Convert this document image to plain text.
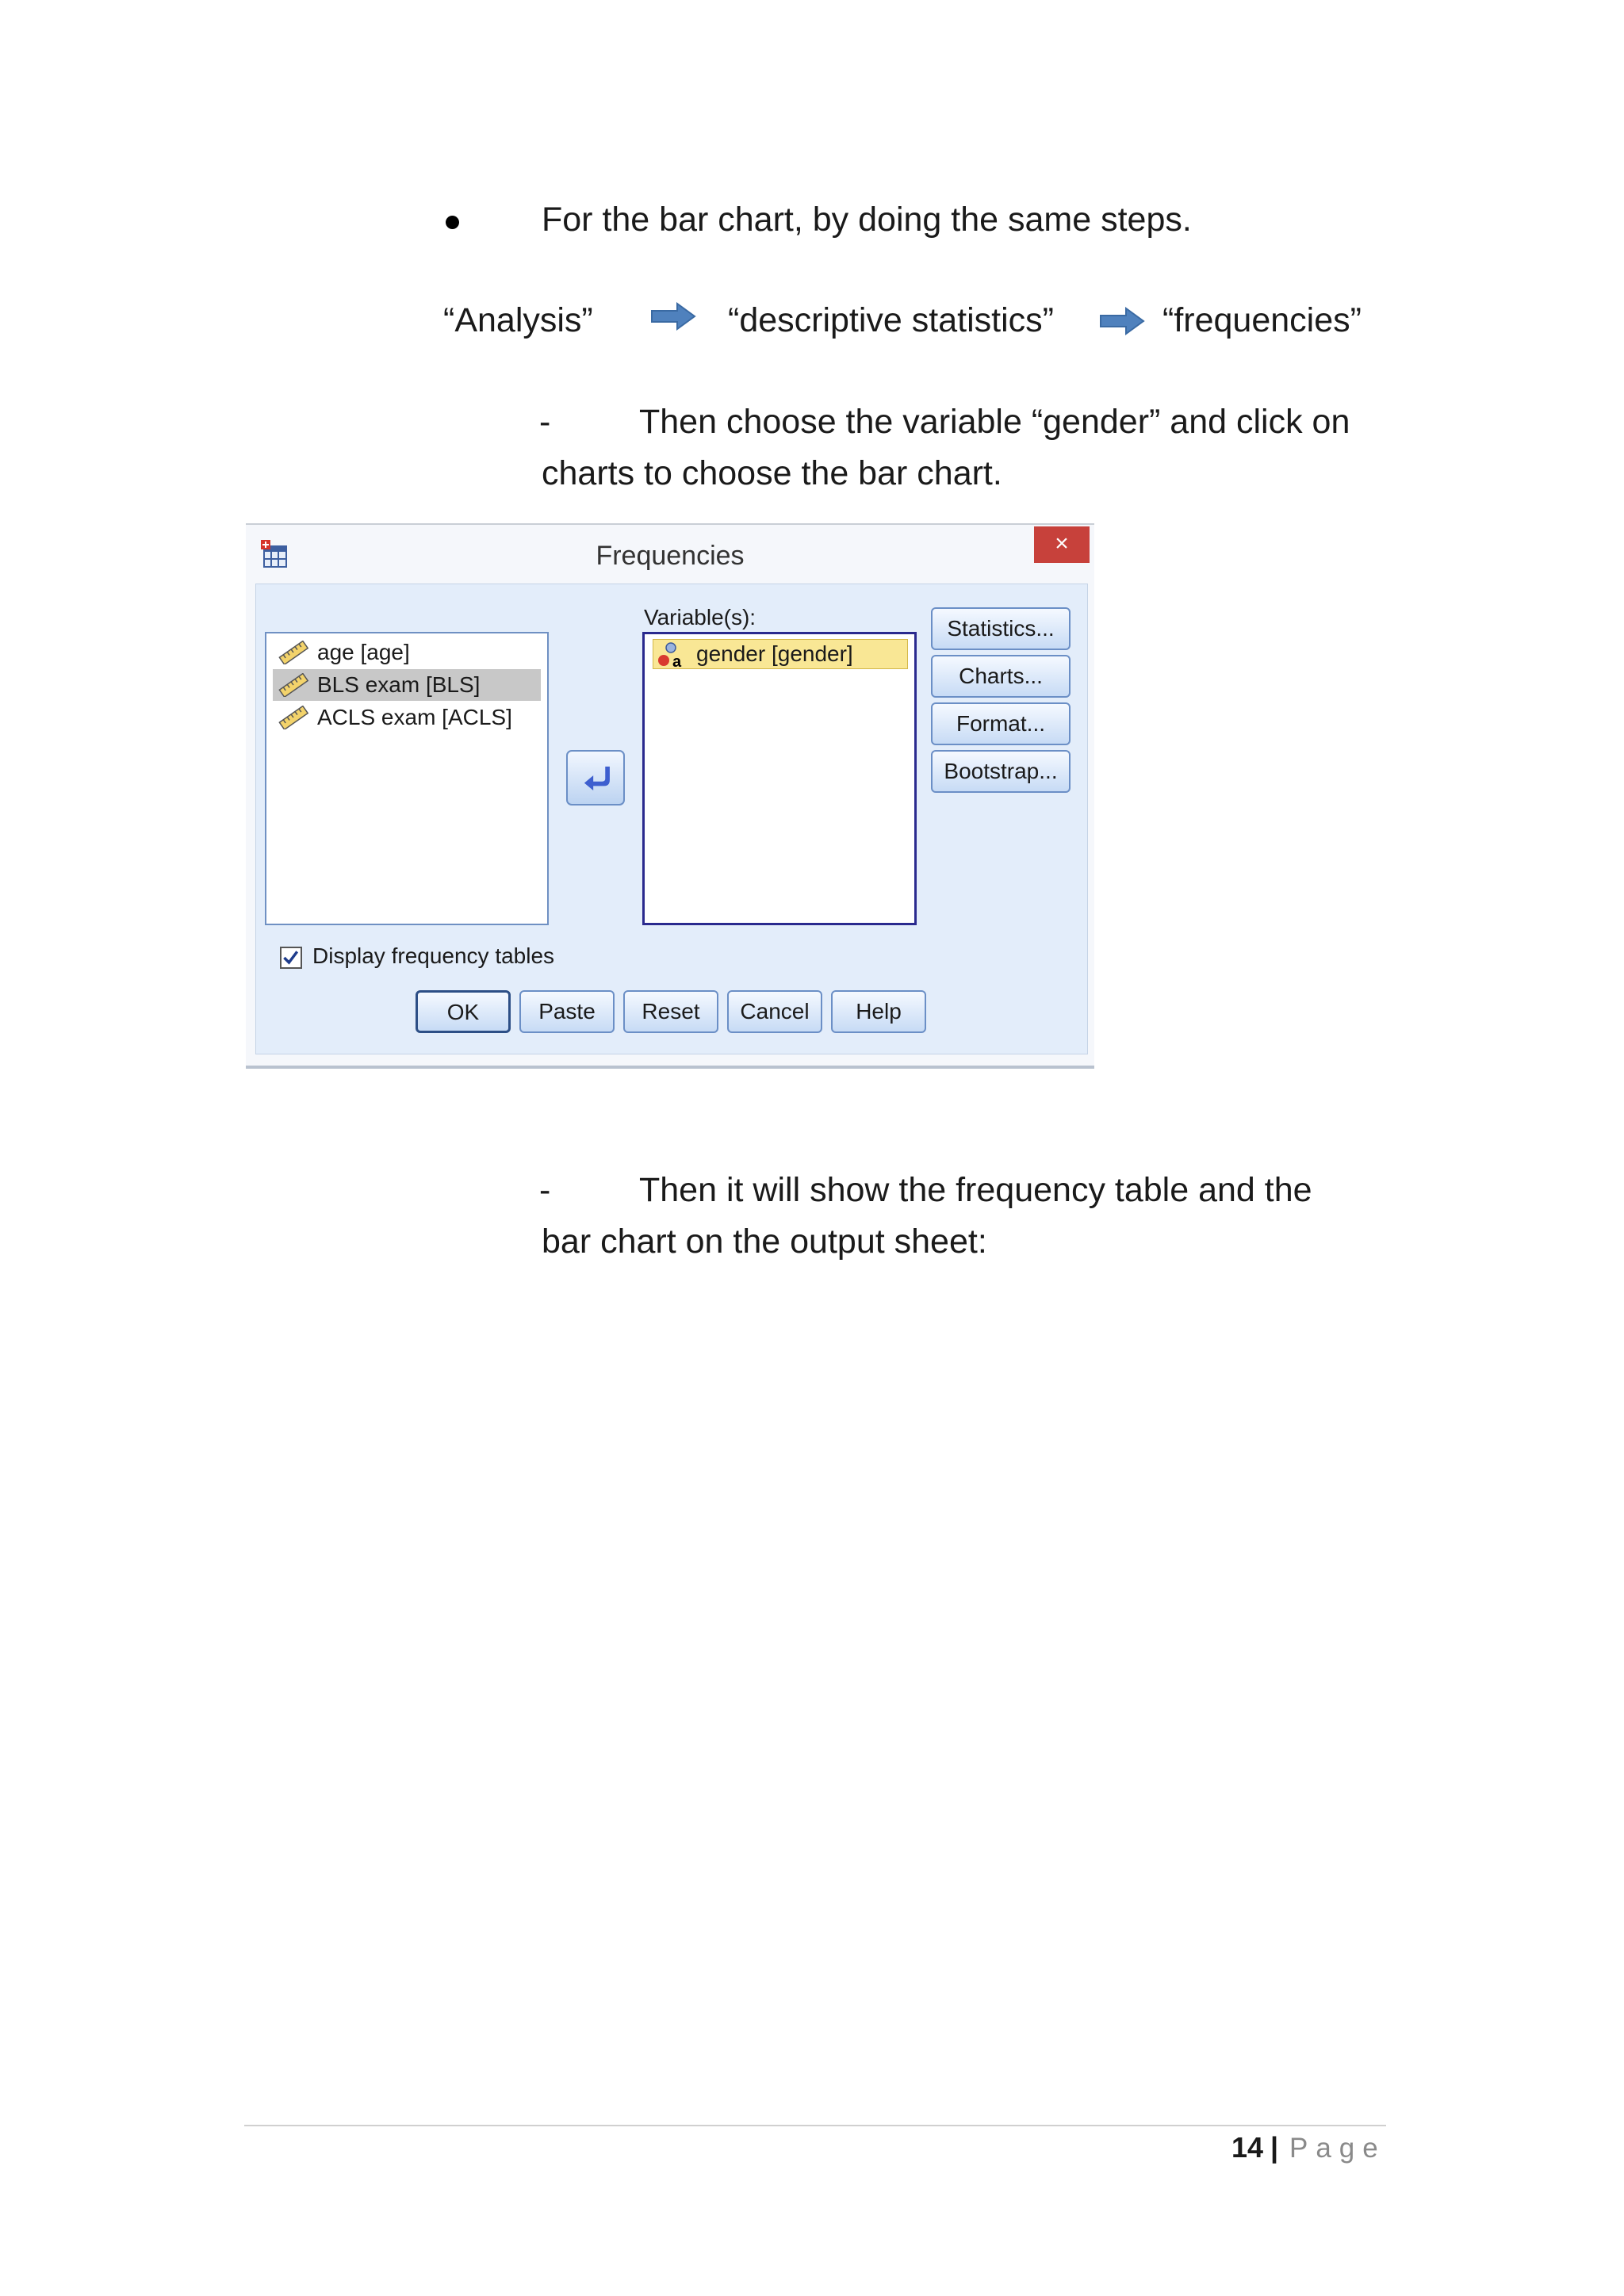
For the bar chart, by doing the same steps.
“Analysis”	“descriptive statistics”	“frequencies”
-	Then choose the variable “gender” and click on
charts to choose the bar chart.
Frequencies	×
age [age]
BLS exam [BLS]
ACLS exam [ACLS]
Variable(s):
a gender [gender]
Statistics...
Charts...
Format...
Bootstrap...
Display frequency tables
OK	Paste	Reset	Cancel	Help
-	Then it will show the frequency table and the
bar chart on the output sheet:
14 | Page
